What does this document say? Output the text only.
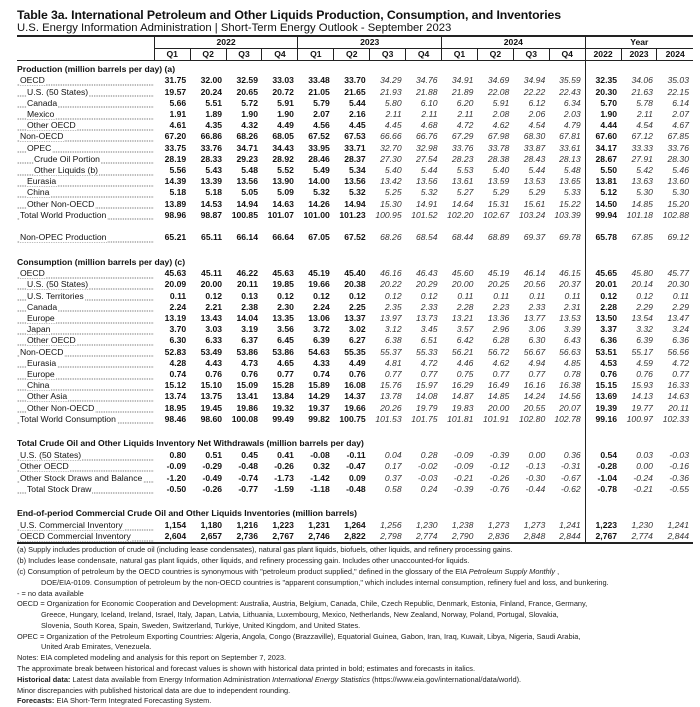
Table 3a. International Petroleum and Other Liquids Production, Consumption, and Inventories
U.S. Energy Information Administration | Short-Term Energy Outlook - September 2023
	2022				2023				2024				Year		
	Q1	Q2	Q3	Q4	Q1	Q2	Q3	Q4	Q1	Q2	Q3	Q4	2022	2023	2024
Production (million barrels per day) (a)															
OECD	31.75	32.00	32.59	33.03	33.48	33.70	34.29	34.76	34.91	34.69	34.94	35.59	32.35	34.06	35.03
U.S. (50 States)	19.57	20.24	20.65	20.72	21.05	21.65	21.93	21.88	21.89	22.08	22.22	22.43	20.30	21.63	22.15
Canada	5.66	5.51	5.72	5.91	5.79	5.44	5.80	6.10	6.20	5.91	6.12	6.34	5.70	5.78	6.14
Mexico	1.91	1.89	1.90	1.90	2.07	2.16	2.11	2.11	2.11	2.08	2.06	2.03	1.90	2.11	2.07
Other OECD	4.61	4.35	4.32	4.49	4.56	4.45	4.45	4.68	4.72	4.62	4.54	4.79	4.44	4.54	4.67
Non-OECD	67.20	66.86	68.26	68.05	67.52	67.53	66.66	66.76	67.29	67.98	68.30	67.81	67.60	67.12	67.85
OPEC	33.75	33.76	34.71	34.43	33.95	33.71	32.70	32.98	33.76	33.78	33.87	33.61	34.17	33.33	33.76
Crude Oil Portion	28.19	28.33	29.23	28.92	28.46	28.37	27.30	27.54	28.23	28.38	28.43	28.13	28.67	27.91	28.30
Other Liquids (b)	5.56	5.43	5.48	5.52	5.49	5.34	5.40	5.44	5.53	5.40	5.44	5.48	5.50	5.42	5.46
Eurasia	14.39	13.39	13.56	13.90	14.00	13.56	13.42	13.56	13.61	13.59	13.53	13.65	13.81	13.63	13.60
China	5.18	5.18	5.05	5.09	5.32	5.32	5.25	5.32	5.27	5.29	5.29	5.33	5.12	5.30	5.30
Other Non-OECD	13.89	14.53	14.94	14.63	14.26	14.94	15.30	14.91	14.64	15.31	15.61	15.22	14.50	14.85	15.20
Total World Production	98.96	98.87	100.85	101.07	101.00	101.23	100.95	101.52	102.20	102.67	103.24	103.39	99.94	101.18	102.88

Non-OPEC Production	65.21	65.11	66.14	66.64	67.05	67.52	68.26	68.54	68.44	68.89	69.37	69.78	65.78	67.85	69.12

Consumption (million barrels per day) (c)															
OECD	45.63	45.11	46.22	45.63	45.19	45.40	46.16	46.43	45.60	45.19	46.14	46.15	45.65	45.80	45.77
U.S. (50 States)	20.09	20.00	20.11	19.85	19.66	20.38	20.22	20.29	20.00	20.25	20.56	20.37	20.01	20.14	20.30
U.S. Territories	0.11	0.12	0.13	0.12	0.12	0.12	0.12	0.12	0.11	0.11	0.11	0.11	0.12	0.12	0.11
Canada	2.24	2.21	2.38	2.30	2.24	2.25	2.35	2.33	2.28	2.23	2.33	2.31	2.28	2.29	2.29
Europe	13.19	13.43	14.04	13.35	13.06	13.37	13.97	13.73	13.21	13.36	13.77	13.53	13.50	13.54	13.47
Japan	3.70	3.03	3.19	3.56	3.72	3.02	3.12	3.45	3.57	2.96	3.06	3.39	3.37	3.32	3.24
Other OECD	6.30	6.33	6.37	6.45	6.39	6.27	6.38	6.51	6.42	6.28	6.30	6.43	6.36	6.39	6.36
Non-OECD	52.83	53.49	53.86	53.86	54.63	55.35	55.37	55.33	56.21	56.72	56.67	56.63	53.51	55.17	56.56
Eurasia	4.28	4.43	4.73	4.65	4.33	4.49	4.81	4.72	4.46	4.62	4.94	4.85	4.53	4.59	4.72
Europe	0.74	0.76	0.76	0.77	0.74	0.76	0.77	0.77	0.75	0.77	0.77	0.78	0.76	0.76	0.77
China	15.12	15.10	15.09	15.28	15.89	16.08	15.76	15.97	16.29	16.49	16.16	16.38	15.15	15.93	16.33
Other Asia	13.74	13.75	13.41	13.84	14.29	14.37	13.78	14.08	14.87	14.85	14.24	14.56	13.69	14.13	14.63
Other Non-OECD	18.95	19.45	19.86	19.32	19.37	19.66	20.26	19.79	19.83	20.00	20.55	20.07	19.39	19.77	20.11
Total World Consumption	98.46	98.60	100.08	99.49	99.82	100.75	101.53	101.75	101.81	101.91	102.80	102.78	99.16	100.97	102.33

Total Crude Oil and Other Liquids Inventory Net Withdrawals (million barrels per day)															
U.S. (50 States)	0.80	0.51	0.45	0.41	-0.08	-0.11	0.04	0.28	-0.09	-0.39	0.00	0.36	0.54	0.03	-0.03
Other OECD	-0.09	-0.29	-0.48	-0.26	0.32	-0.47	0.17	-0.02	-0.09	-0.12	-0.13	-0.31	-0.28	0.00	-0.16
Other Stock Draws and Balance	-1.20	-0.49	-0.74	-1.73	-1.42	0.09	0.37	-0.03	-0.21	-0.26	-0.30	-0.67	-1.04	-0.24	-0.36
Total Stock Draw	-0.50	-0.26	-0.77	-1.59	-1.18	-0.48	0.58	0.24	-0.39	-0.76	-0.44	-0.62	-0.78	-0.21	-0.55

End-of-period Commercial Crude Oil and Other Liquids Inventories (million barrels)															
U.S. Commercial Inventory	1,154	1,180	1,216	1,223	1,231	1,264	1,256	1,230	1,238	1,273	1,273	1,241	1,223	1,230	1,241
OECD Commercial Inventory	2,604	2,657	2,736	2,767	2,746	2,822	2,798	2,774	2,790	2,836	2,848	2,844	2,767	2,774	2,844
(a) Supply includes production of crude oil (including lease condensates), natural gas plant liquids, biofuels, other liquids, and refinery processing gains.
(b) Includes lease condensate, natural gas plant liquids, other liquids, and refinery processing gain. Includes other unaccounted-for liquids.
(c) Consumption of petroleum by the OECD countries is synonymous with "petroleum product supplied," defined in the glossary of the EIA Petroleum Supply Monthly ,
DOE/EIA-0109. Consumption of petroleum by the non-OECD countries is "apparent consumption," which includes internal consumption, refinery fuel and loss, and bunkering.
- = no data available
OECD = Organization for Economic Cooperation and Development: Australia, Austria, Belgium, Canada, Chile, Czech Republic, Denmark, Estonia, Finland, France, Germany,
Greece, Hungary, Iceland, Ireland, Israel, Italy, Japan, Latvia, Lithuania, Luxembourg, Mexico, Netherlands, New Zealand, Norway, Poland, Portugal, Slovakia,
Slovenia, South Korea, Spain, Sweden, Switzerland, Turkiye, United Kingdom, and United States.
OPEC = Organization of the Petroleum Exporting Countries: Algeria, Angola, Congo (Brazzaville), Equatorial Guinea, Gabon, Iran, Iraq, Kuwait, Libya, Nigeria, Saudi Arabia,
United Arab Emirates, Venezuela.
Notes: EIA completed modeling and analysis for this report on September 7, 2023.
The approximate break between historical and forecast values is shown with historical data printed in bold; estimates and forecasts in italics.
Historical data: Latest data available from Energy Information Administration International Energy Statistics (https://www.eia.gov/international/data/world).
Minor discrepancies with published historical data are due to independent rounding.
Forecasts: EIA Short-Term Integrated Forecasting System.
